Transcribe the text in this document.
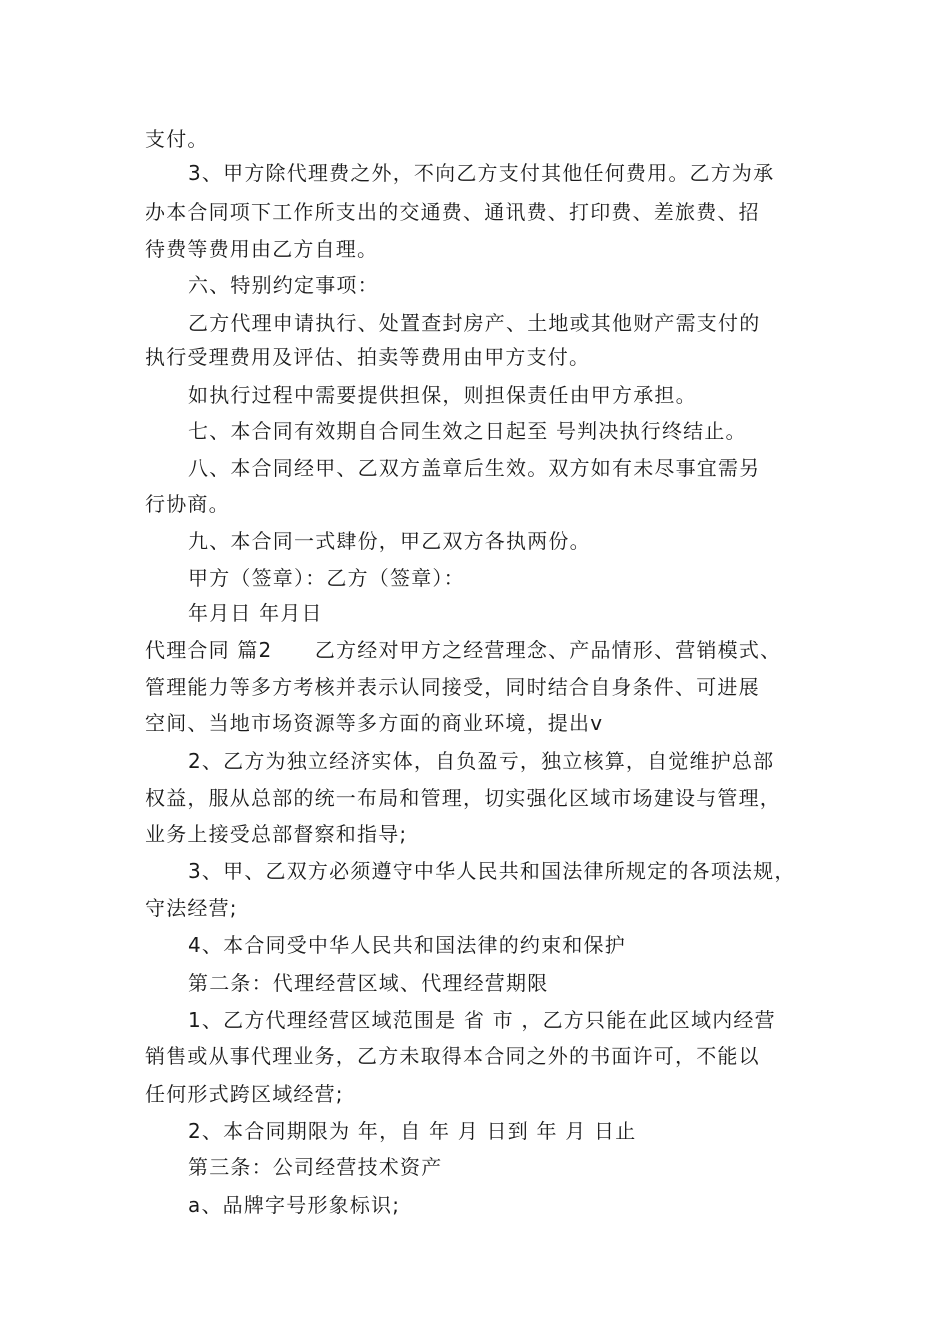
支付。
3、甲方除代理费之外，不向乙方支付其他任何费用。乙方为承
办本合同项下工作所支出的交通费、通讯费、打印费、差旅费、招
待费等费用由乙方自理。
六、特别约定事项：
乙方代理申请执行、处置查封房产、土地或其他财产需支付的
执行受理费用及评估、拍卖等费用由甲方支付。
如执行过程中需要提供担保，则担保责任由甲方承担。
七、本合同有效期自合同生效之日起至 号判决执行终结止。
八、本合同经甲、乙双方盖章后生效。双方如有未尽事宜需另
行协商。
九、本合同一式肆份，甲乙双方各执两份。
甲方（签章）：乙方（签章）：
年月日 年月日
代理合同 篇2　　乙方经对甲方之经营理念、产品情形、营销模式、
管理能力等多方考核并表示认同接受，同时结合自身条件、可进展
空间、当地市场资源等多方面的商业环境，提出v
2、乙方为独立经济实体，自负盈亏，独立核算，自觉维护总部
权益，服从总部的统一布局和管理，切实强化区域市场建设与管理，
业务上接受总部督察和指导;
3、甲、乙双方必须遵守中华人民共和国法律所规定的各项法规，
守法经营;
4、本合同受中华人民共和国法律的约束和保护
第二条：代理经营区域、代理经营期限
1、乙方代理经营区域范围是 省 市 ，乙方只能在此区域内经营
销售或从事代理业务，乙方未取得本合同之外的书面许可，不能以
任何形式跨区域经营;
2、本合同期限为 年，自 年 月 日到 年 月 日止
第三条：公司经营技术资产
a、品牌字号形象标识;
